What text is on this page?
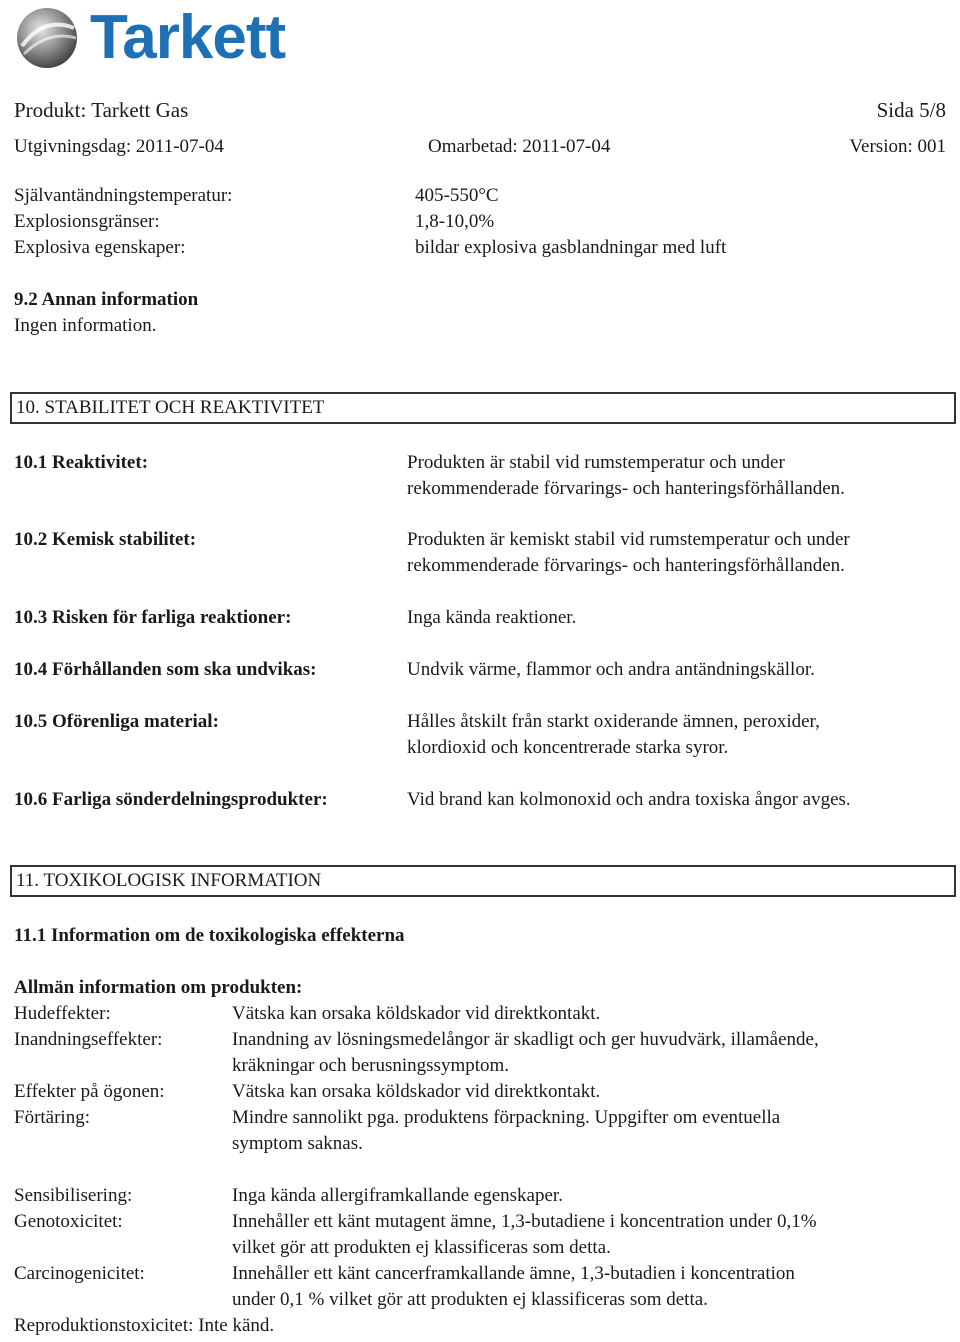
Tarkett
Produkt: Tarkett Gas	Sida 5/8
Utgivningsdag: 2011-07-04	Omarbetad: 2011-07-04	Version: 001
Självantändningstemperatur:	405-550°C
Explosionsgränser:	1,8-10,0%
Explosiva egenskaper:	bildar explosiva gasblandningar med luft
9.2 Annan information
Ingen information.
10. STABILITET OCH REAKTIVITET
10.1 Reaktivitet:	Produkten är stabil vid rumstemperatur och under
rekommenderade förvarings- och hanteringsförhållanden.
10.2 Kemisk stabilitet:	Produkten är kemiskt stabil vid rumstemperatur och under
rekommenderade förvarings- och hanteringsförhållanden.
10.3 Risken för farliga reaktioner:	Inga kända reaktioner.
10.4 Förhållanden som ska undvikas:	Undvik värme, flammor och andra antändningskällor.
10.5 Oförenliga material:	Hålles åtskilt från starkt oxiderande ämnen, peroxider,
klordioxid och koncentrerade starka syror.
10.6 Farliga sönderdelningsprodukter:	Vid brand kan kolmonoxid och andra toxiska ångor avges.
11. TOXIKOLOGISK INFORMATION
11.1 Information om de toxikologiska effekterna
Allmän information om produkten:
Hudeffekter:	Vätska kan orsaka köldskador vid direktkontakt.
Inandningseffekter:	Inandning av lösningsmedelångor är skadligt och ger huvudvärk, illamående,
kräkningar och berusningssymptom.
Effekter på ögonen:	Vätska kan orsaka köldskador vid direktkontakt.
Förtäring:	Mindre sannolikt pga. produktens förpackning. Uppgifter om eventuella
symptom saknas.
Sensibilisering:	Inga kända allergiframkallande egenskaper.
Genotoxicitet:	Innehåller ett känt mutagent ämne, 1,3-butadiene i koncentration under 0,1%
vilket gör att produkten ej klassificeras som detta.
Carcinogenicitet:	Innehåller ett känt cancerframkallande ämne, 1,3-butadien i koncentration
under 0,1 % vilket gör att produkten ej klassificeras som detta.
Reproduktionstoxicitet: Inte känd.
